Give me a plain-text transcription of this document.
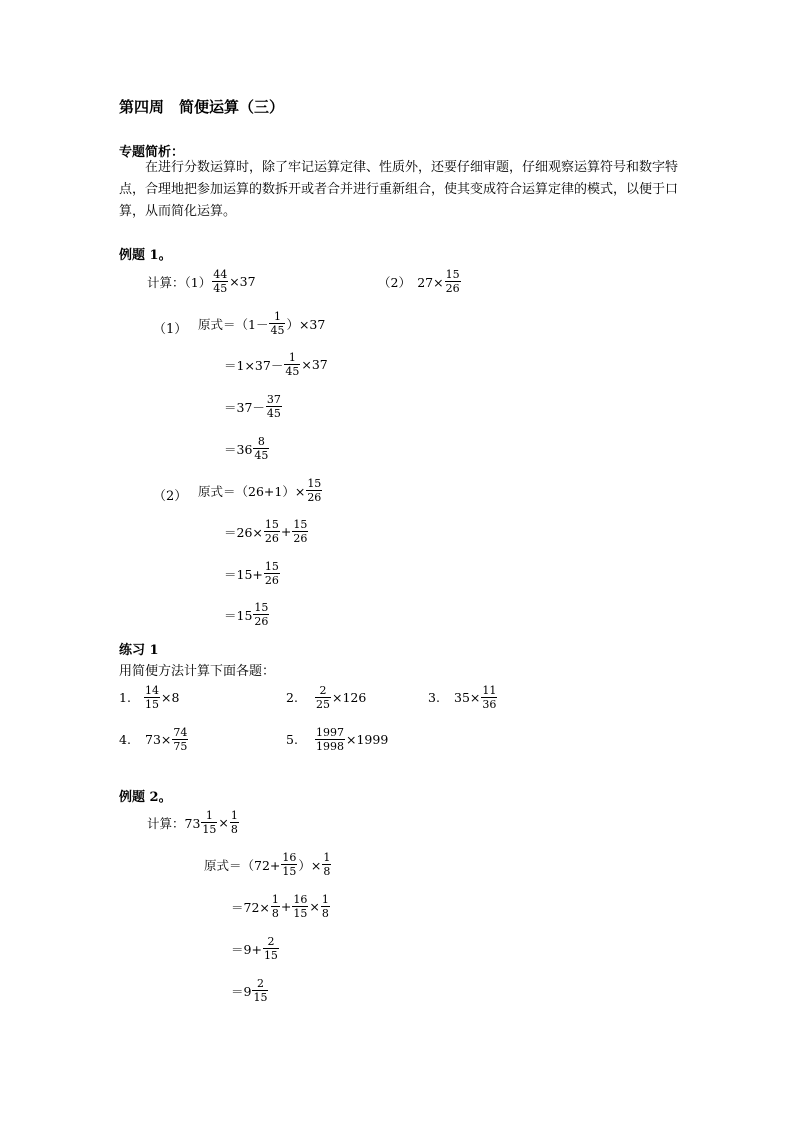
第四周　简便运算（三）
专题简析：
在进行分数运算时，除了牢记运算定律、性质外，还要仔细审题，仔细观察运算符号和数字特点，合理地把参加运算的数拆开或者合并进行重新组合，使其变成符合运算定律的模式，以便于口算，从而简化运算。
例题 1。
计算：$(1) \frac{44}{45} \times 37$	（2）　$27\times \frac{15}{26}$
（1） 原式$=(1- \frac{1}{45} )\times 37$
$=1\times 37- \frac{1}{45} \times 37$
$=37- \frac{37}{45}$
$=36 \frac{8}{45}$
（2） 原式$=(26+1)\times \frac{15}{26}$
$=26\times \frac{15}{26} + \frac{15}{26}$
$=15+ \frac{15}{26}$
$=15 \frac{15}{26}$
练习 1
用简便方法计算下面各题：
1.	$\frac{14}{15} \times 8$	2.	$\frac{2}{25} \times 126$	3.	$35\times \frac{11}{36}$
4.	$73\times \frac{74}{75}$	5.	$\frac{1997}{1998} \times 1999$
例题 2。
计算：$73 \frac{1}{15} \times \frac{1}{8}$
原式$=(72+ \frac{16}{15}$ ）× $\frac{1}{8}$
$=72\times \frac{1}{8} + \frac{16}{15} \times \frac{1}{8}$
$=9+ \frac{2}{15}$
$=9 \frac{2}{15}$
